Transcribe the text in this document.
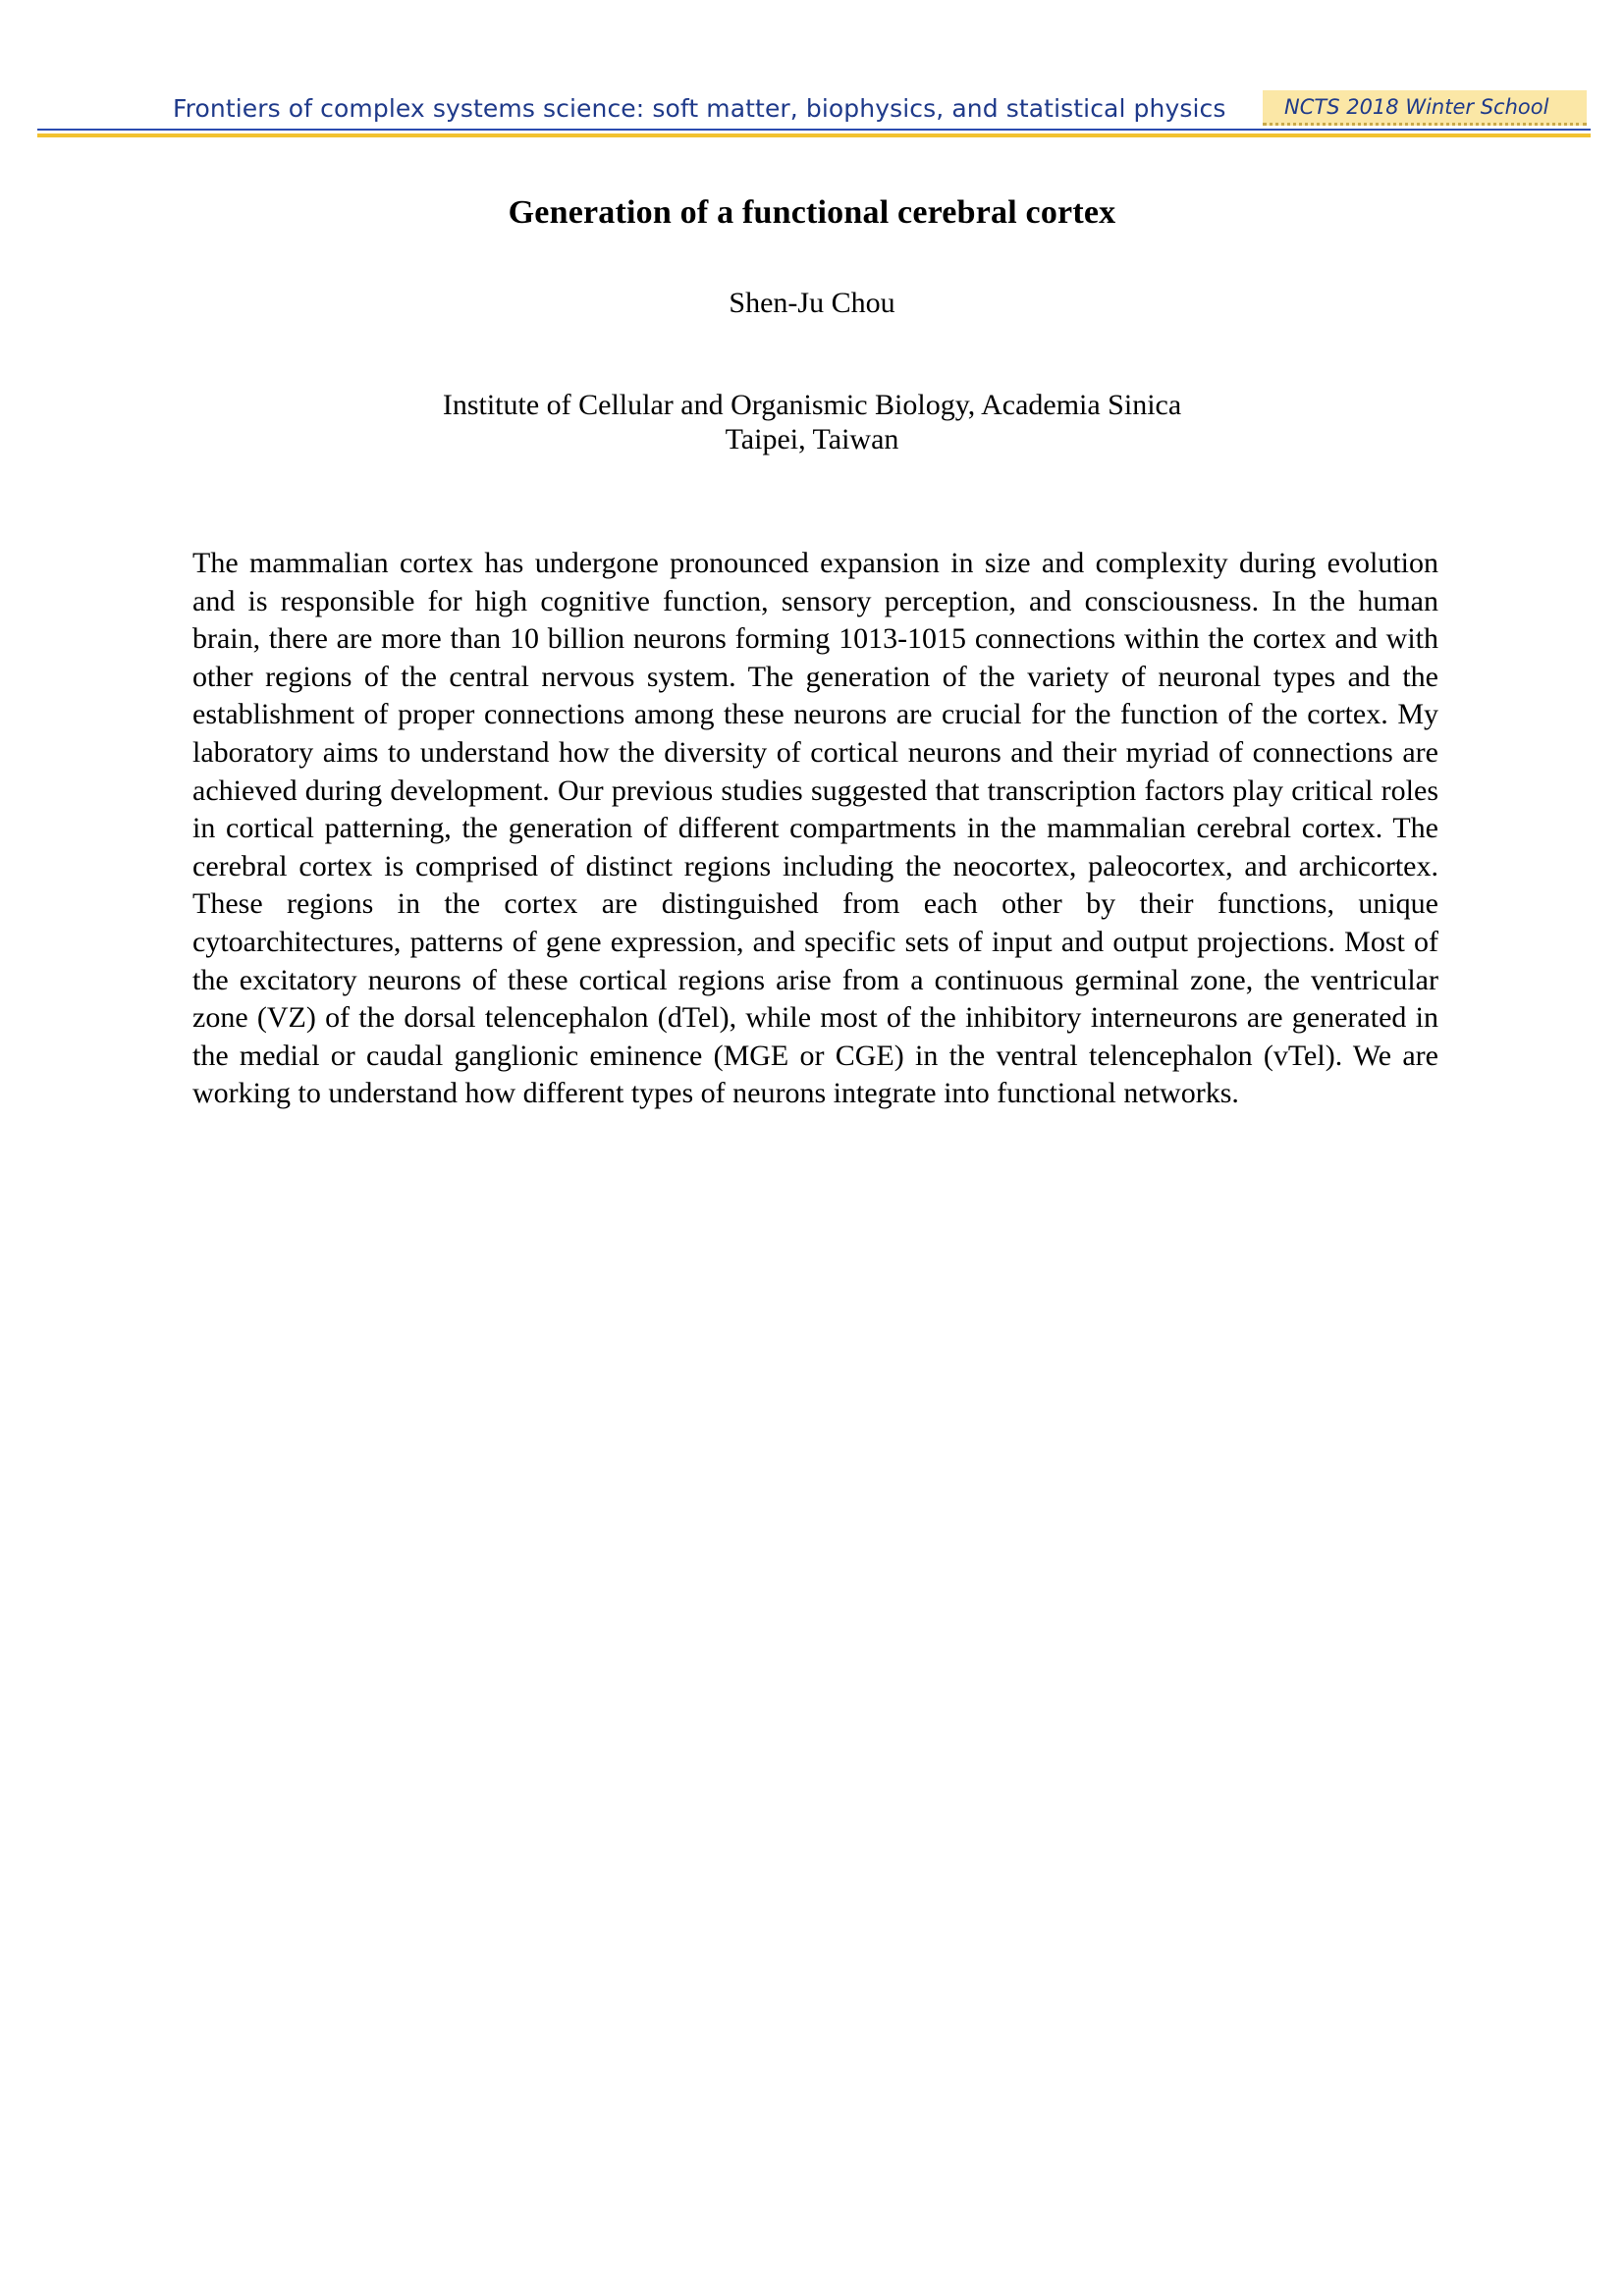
Frontiers of complex systems science: soft matter, biophysics, and statistical physics	NCTS 2018 Winter School
Generation of a functional cerebral cortex
Shen-Ju Chou
Institute of Cellular and Organismic Biology, Academia Sinica
Taipei, Taiwan

The mammalian cortex has undergone pronounced expansion in size and complexity during evolution and is responsible for high cognitive function, sensory perception, and consciousness. In the human brain, there are more than 10 billion neurons forming 1013-1015 connections within the cortex and with other regions of the central nervous system. The generation of the variety of neuronal types and the establishment of proper connections among these neurons are crucial for the function of the cortex. My laboratory aims to understand how the diversity of cortical neurons and their myriad of connections are achieved during development. Our previous studies suggested that transcription factors play critical roles in cortical patterning, the generation of different compartments in the mammalian cerebral cortex. The cerebral cortex is comprised of distinct regions including the neocortex, paleocortex, and archicortex. These regions in the cortex are distinguished from each other by their functions, unique cytoarchitectures, patterns of gene expression, and specific sets of input and output projections. Most of the excitatory neurons of these cortical regions arise from a continuous germinal zone, the ventricular zone (VZ) of the dorsal telencephalon (dTel), while most of the inhibitory interneurons are generated in the medial or caudal ganglionic eminence (MGE or CGE) in the ventral telencephalon (vTel). We are working to understand how different types of neurons integrate into functional networks.
